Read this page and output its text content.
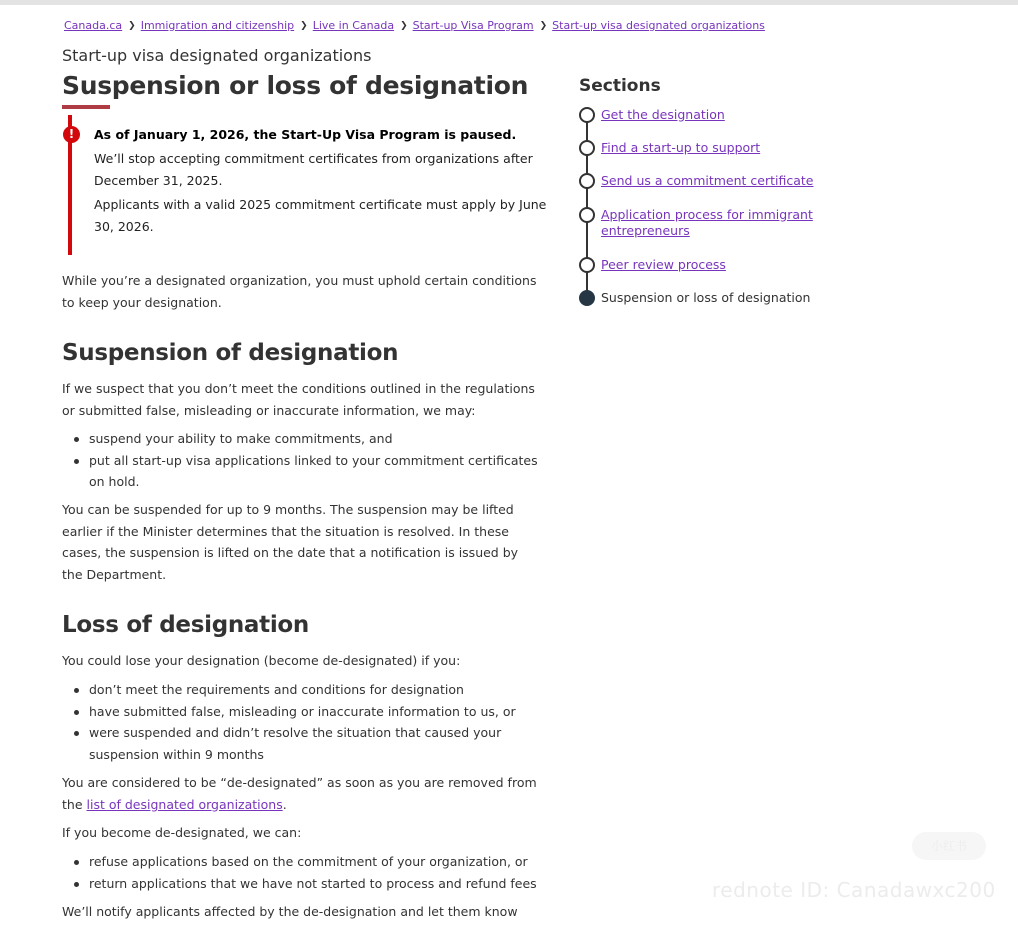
Canada.ca ❯ Immigration and citizenship ❯ Live in Canada ❯ Start-up Visa Program ❯ Start-up visa designated organizations
Start-up visa designated organizations
Suspension or loss of designation
!	As of January 1, 2026, the Start-Up Visa Program is paused.

We’ll stop accepting commitment certificates from organizations after December 31, 2025.

Applicants with a valid 2025 commitment certificate must apply by June 30, 2026.

While you’re a designated organization, you must uphold certain conditions to keep your designation.

Suspension of designation

If we suspect that you don’t meet the conditions outlined in the regulations or submitted false, misleading or inaccurate information, we may:

suspend your ability to make commitments, and
put all start-up visa applications linked to your commitment certificates on hold.

You can be suspended for up to 9 months. The suspension may be lifted earlier if the Minister determines that the situation is resolved. In these cases, the suspension is lifted on the date that a notification is issued by the Department.

Loss of designation

You could lose your designation (become de-designated) if you:

don’t meet the requirements and conditions for designation
have submitted false, misleading or inaccurate information to us, or
were suspended and didn’t resolve the situation that caused your suspension within 9 months

You are considered to be “de-designated” as soon as you are removed from the list of designated organizations.

If you become de-designated, we can:

refuse applications based on the commitment of your organization, or
return applications that we have not started to process and refund fees

We’ll notify applicants affected by the de-designation and let them know

Sections
Get the designation
Find a start-up to support
Send us a commitment certificate
Application process for immigrant entrepreneurs
Peer review process
Suspension or loss of designation
小红书
rednote ID: Canadawxc200
